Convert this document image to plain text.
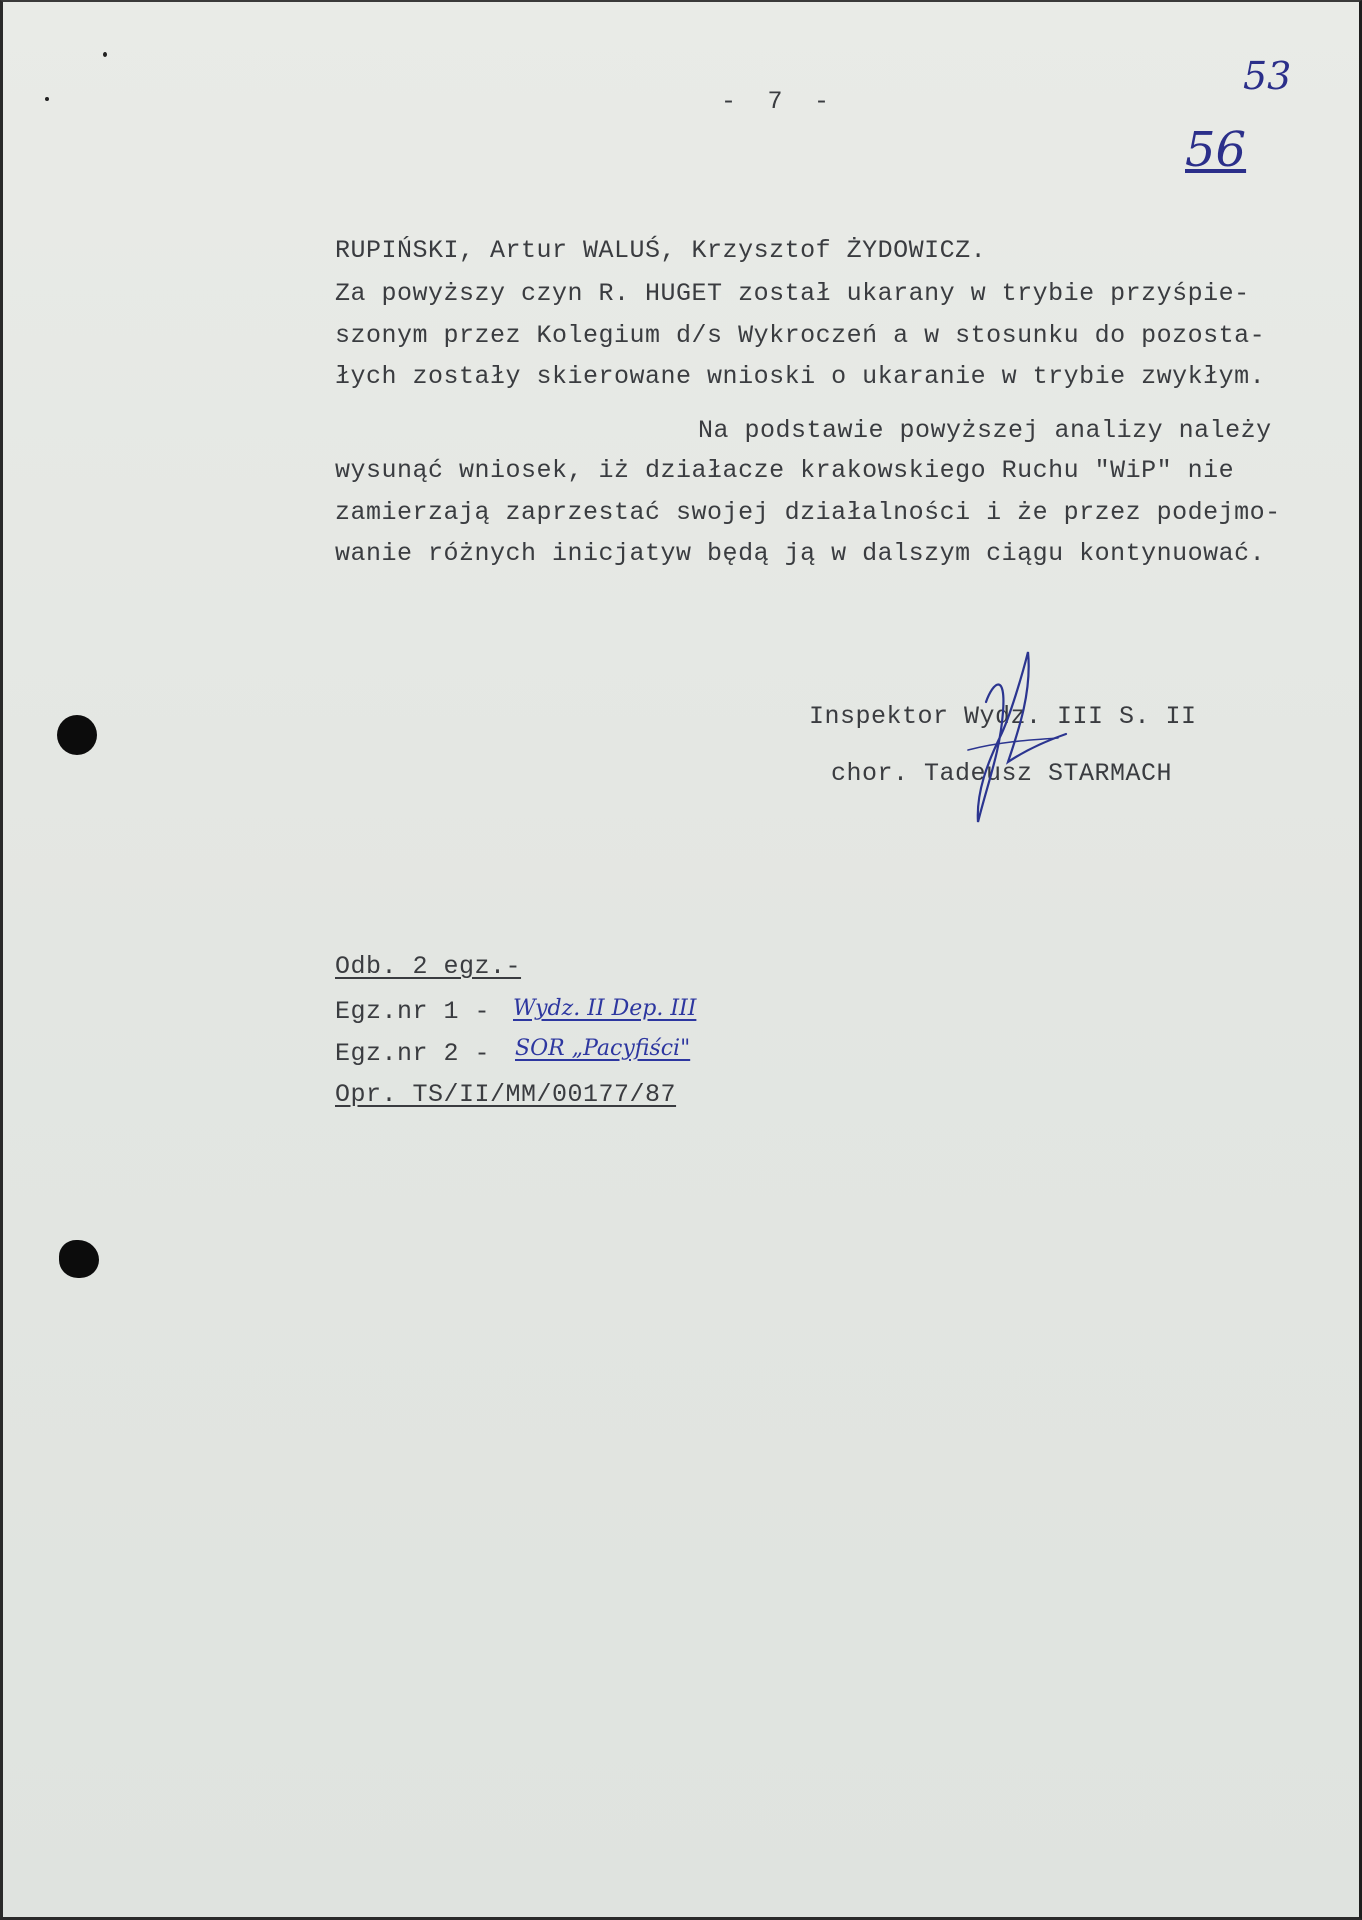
-  7  -
53
56
RUPIŃSKI, Artur WALUŚ, Krzysztof ŻYDOWICZ.
Za powyższy czyn R. HUGET został ukarany w trybie przyśpie-
szonym przez Kolegium d/s Wykroczeń a w stosunku do pozosta-
łych zostały skierowane wnioski o ukaranie w trybie zwykłym.
Na podstawie powyższej analizy należy
wysunąć wniosek, iż działacze krakowskiego Ruchu "WiP" nie
zamierzają zaprzestać swojej działalności i że przez podejmo-
wanie różnych inicjatyw będą ją w dalszym ciągu kontynuować.
Inspektor Wydz. III S. II
chor. Tadeusz STARMACH
Odb. 2 egz.-
Egz.nr 1 - Wydz. II Dep. III
Egz.nr 2 - SOR „Pacyfiści"
Opr. TS/II/MM/00177/87
